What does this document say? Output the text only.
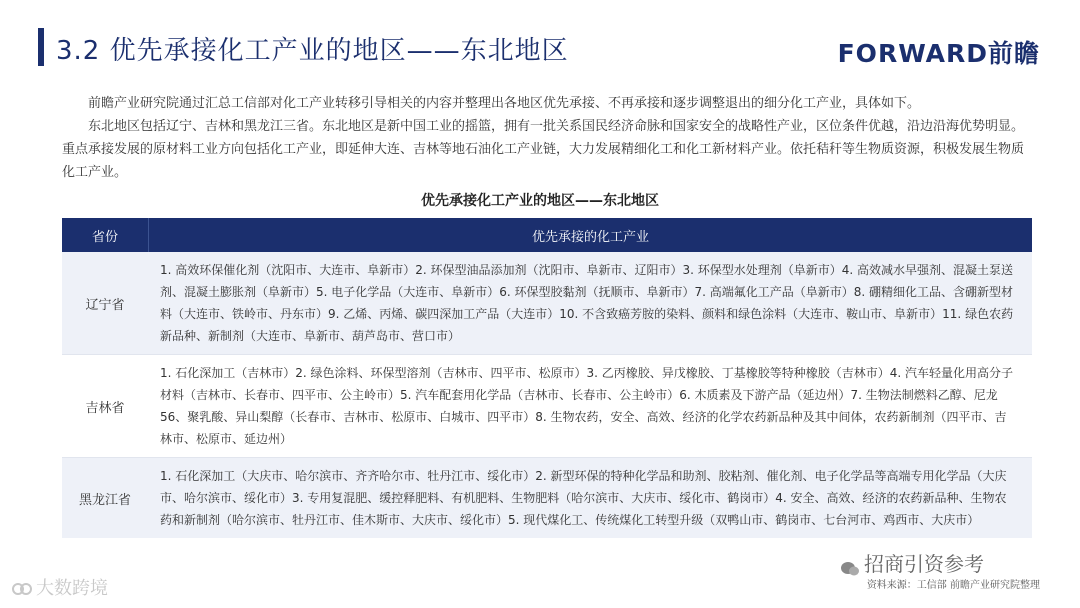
3.2 优先承接化工产业的地区——东北地区	FORWARD前瞻

前瞻产业研究院通过汇总工信部对化工产业转移引导相关的内容并整理出各地区优先承接、不再承接和逐步调整退出的细分化工产业，具体如下。

东北地区包括辽宁、吉林和黑龙江三省。东北地区是新中国工业的摇篮，拥有一批关系国民经济命脉和国家安全的战略性产业，区位条件优越，沿边沿海优势明显。重点承接发展的原材料工业方向包括化工产业，即延伸大连、吉林等地石油化工产业链，大力发展精细化工和化工新材料产业。依托秸秆等生物质资源，积极发展生物质化工产业。

优先承接化工产业的地区——东北地区
省份	优先承接的化工产业
辽宁省
1. 高效环保催化剂（沈阳市、大连市、阜新市）2. 环保型油品添加剂（沈阳市、阜新市、辽阳市）3. 环保型水处理剂（阜新市）4. 高效减水早强剂、混凝土泵送剂、混凝土膨胀剂（阜新市）5. 电子化学品（大连市、阜新市）6. 环保型胶黏剂（抚顺市、阜新市）7. 高端氟化工产品（阜新市）8. 硼精细化工品、含硼新型材料（大连市、铁岭市、丹东市）9. 乙烯、丙烯、碳四深加工产品（大连市）10. 不含致癌芳胺的染料、颜料和绿色涂料（大连市、鞍山市、阜新市）11. 绿色农药新品种、新制剂（大连市、阜新市、葫芦岛市、营口市）
吉林省
1. 石化深加工（吉林市）2. 绿色涂料、环保型溶剂（吉林市、四平市、松原市）3. 乙丙橡胶、异戊橡胶、丁基橡胶等特种橡胶（吉林市）4. 汽车轻量化用高分子材料（吉林市、长春市、四平市、公主岭市）5. 汽车配套用化学品（吉林市、长春市、公主岭市）6. 木质素及下游产品（延边州）7. 生物法制燃料乙醇、尼龙 56、聚乳酸、异山梨醇（长春市、吉林市、松原市、白城市、四平市）8. 生物农药，安全、高效、经济的化学农药新品种及其中间体，农药新制剂（四平市、吉林市、松原市、延边州）
黑龙江省
1. 石化深加工（大庆市、哈尔滨市、齐齐哈尔市、牡丹江市、绥化市）2. 新型环保的特种化学品和助剂、胶粘剂、催化剂、电子化学品等高端专用化学品（大庆市、哈尔滨市、绥化市）3. 专用复混肥、缓控释肥料、有机肥料、生物肥料（哈尔滨市、大庆市、绥化市、鹤岗市）4. 安全、高效、经济的农药新品种、生物农药和新制剂（哈尔滨市、牡丹江市、佳木斯市、大庆市、绥化市）5. 现代煤化工、传统煤化工转型升级（双鸭山市、鹤岗市、七台河市、鸡西市、大庆市）
大数跨境
招商引资参考
资料来源：工信部 前瞻产业研究院整理
